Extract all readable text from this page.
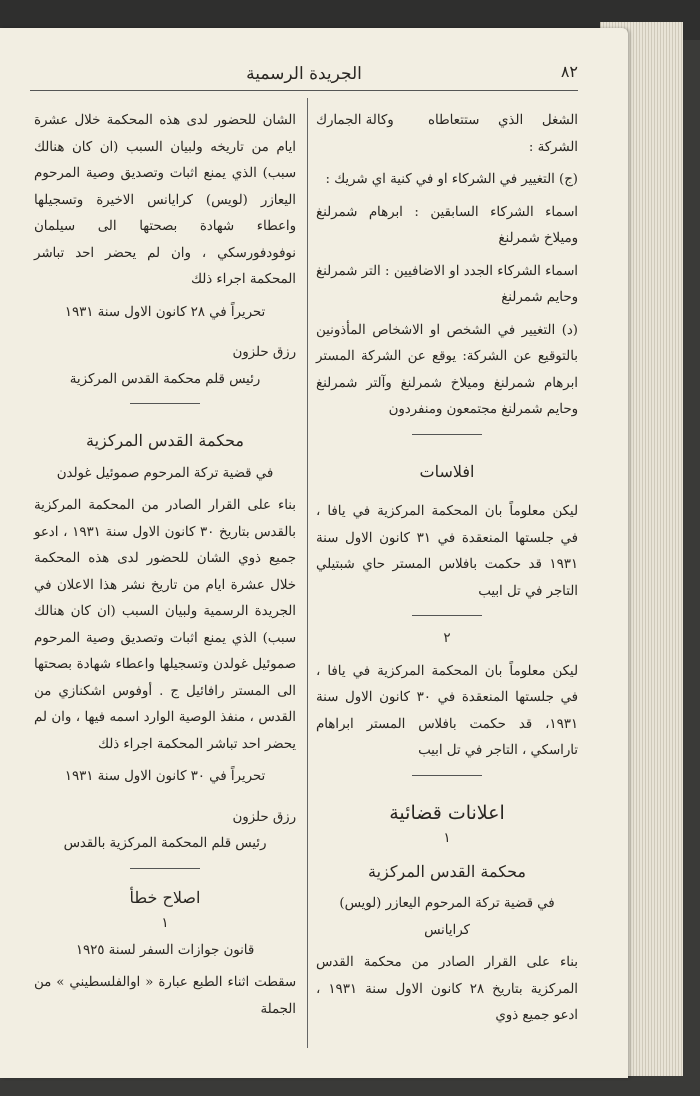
٨٢
الجريدة الرسمية
الشغل الذي ستتعاطاه الشركة :
وكالة الجمارك

(ج) التغيير في الشركاء او في كنية اي شريك :

اسماء الشركاء السابقين : ابرهام شمرلنغ وميلاخ شمرلنغ

اسماء الشركاء الجدد او الاضافيين : التر شمرلنغ وحايم شمرلنغ

(د) التغيير في الشخص او الاشخاص المأذونين بالتوقيع عن الشركة: يوقع عن الشركة المستر ابرهام شمرلنغ وميلاخ شمرلنغ وآلتر شمرلنغ وحايم شمرلنغ مجتمعون ومنفردون

افلاسات

ليكن معلوماً بان المحكمة المركزية في يافا ، في جلستها المنعقدة في ٣١ كانون الاول سنة ١٩٣١ قد حكمت بافلاس المستر حاي شبتيلي التاجر في تل ابيب

٢

ليكن معلوماً بان المحكمة المركزية في يافا ، في جلستها المنعقدة في ٣٠ كانون الاول سنة ١٩٣١، قد حكمت بافلاس المستر ابراهام تاراسكي ، التاجر في تل ابيب

اعلانات قضائية

١

محكمة القدس المركزية

في قضية تركة المرحوم اليعازر (لويس) كرايانس

بناء على القرار الصادر من محكمة القدس المركزية بتاريخ ٢٨ كانون الاول سنة ١٩٣١ ، ادعو جميع ذوي

الشان للحضور لدى هذه المحكمة خلال عشرة ايام من تاريخه ولبيان السبب (ان كان هنالك سبب) الذي يمنع اثبات وتصديق وصية المرحوم اليعازر (لويس) كرايانس الاخيرة وتسجيلها واعطاء شهادة بصحتها الى سيلمان نوفودفورسكي ، وان لم يحضر احد تباشر المحكمة اجراء ذلك

تحريراً في ٢٨ كانون الاول سنة ١٩٣١

رزق حلزون

رئيس قلم محكمة القدس المركزية

محكمة القدس المركزية

في قضية تركة المرحوم صموئيل غولدن

بناء على القرار الصادر من المحكمة المركزية بالقدس بتاريخ ٣٠ كانون الاول سنة ١٩٣١ ، ادعو جميع ذوي الشان للحضور لدى هذه المحكمة خلال عشرة ايام من تاريخ نشر هذا الاعلان في الجريدة الرسمية ولبيان السبب (ان كان هنالك سبب) الذي يمنع اثبات وتصديق وصية المرحوم صموئيل غولدن وتسجيلها واعطاء شهادة بصحتها الى المستر رافائيل ج . أوفوس اشكنازي من القدس ، منفذ الوصية الوارد اسمه فيها ، وان لم يحضر احد تباشر المحكمة اجراء ذلك

تحريراً في ٣٠ كانون الاول سنة ١٩٣١

رزق حلزون

رئيس قلم المحكمة المركزية بالقدس

اصلاح خطأ

١

قانون جوازات السفر لسنة ١٩٢٥

سقطت اثناء الطبع عبارة « اوالفلسطيني » من الجملة
